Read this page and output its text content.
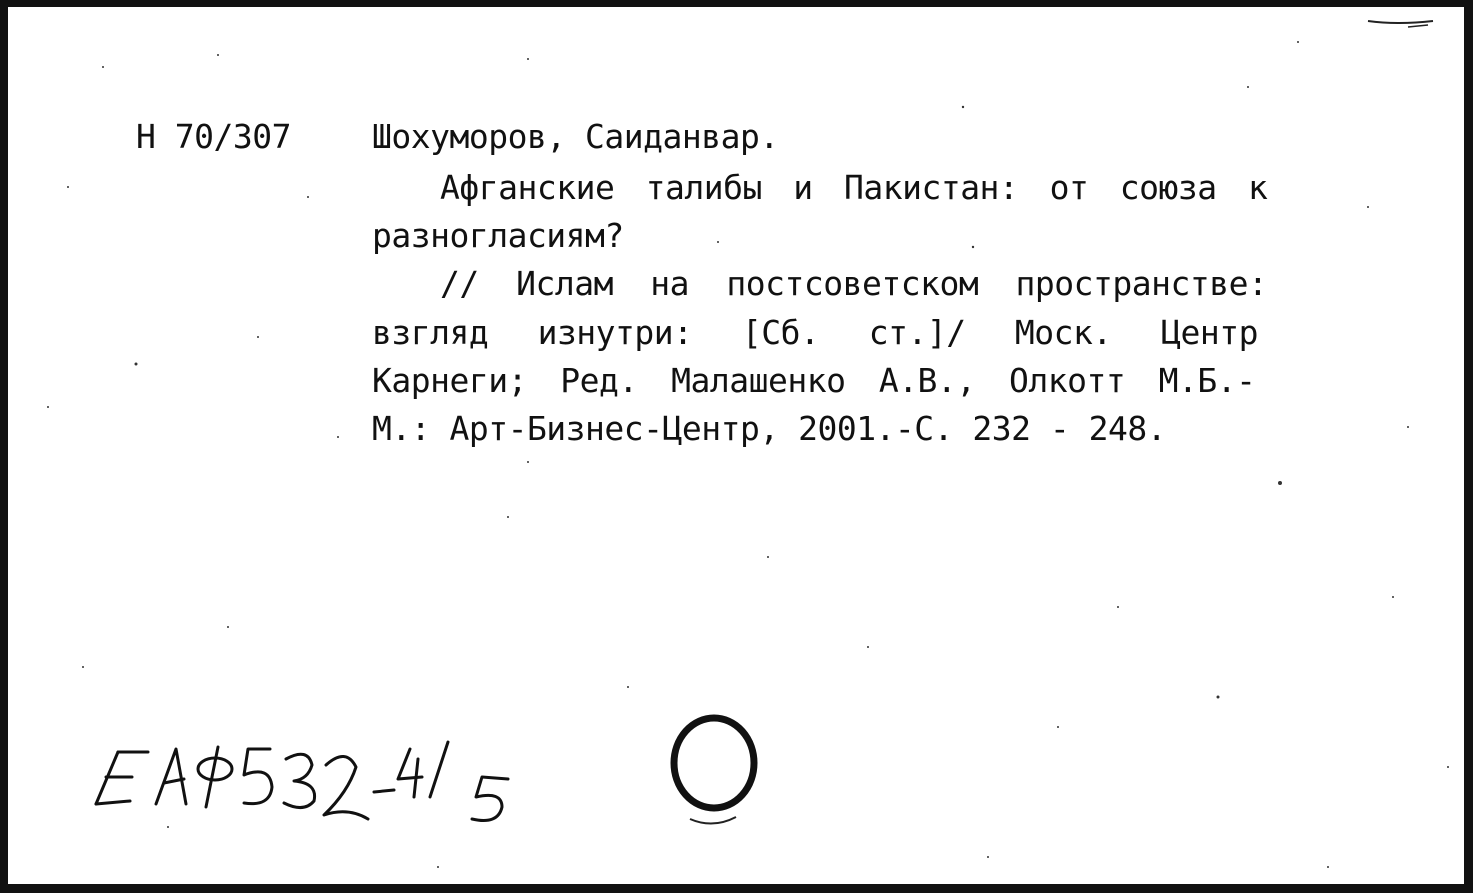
Н 70/307 Шохуморов, Саиданвар.
Афганские талибы и Пакистан: от союза к
разногласиям?
// Ислам на постсоветском пространстве:
взгляд изнутри: [Сб. ст.]/ Моск. Центр
Карнеги; Ред. Малашенко А.В., Олкотт М.Б.-
М.: Арт-Бизнес-Центр, 2001.-С. 232 - 248.
